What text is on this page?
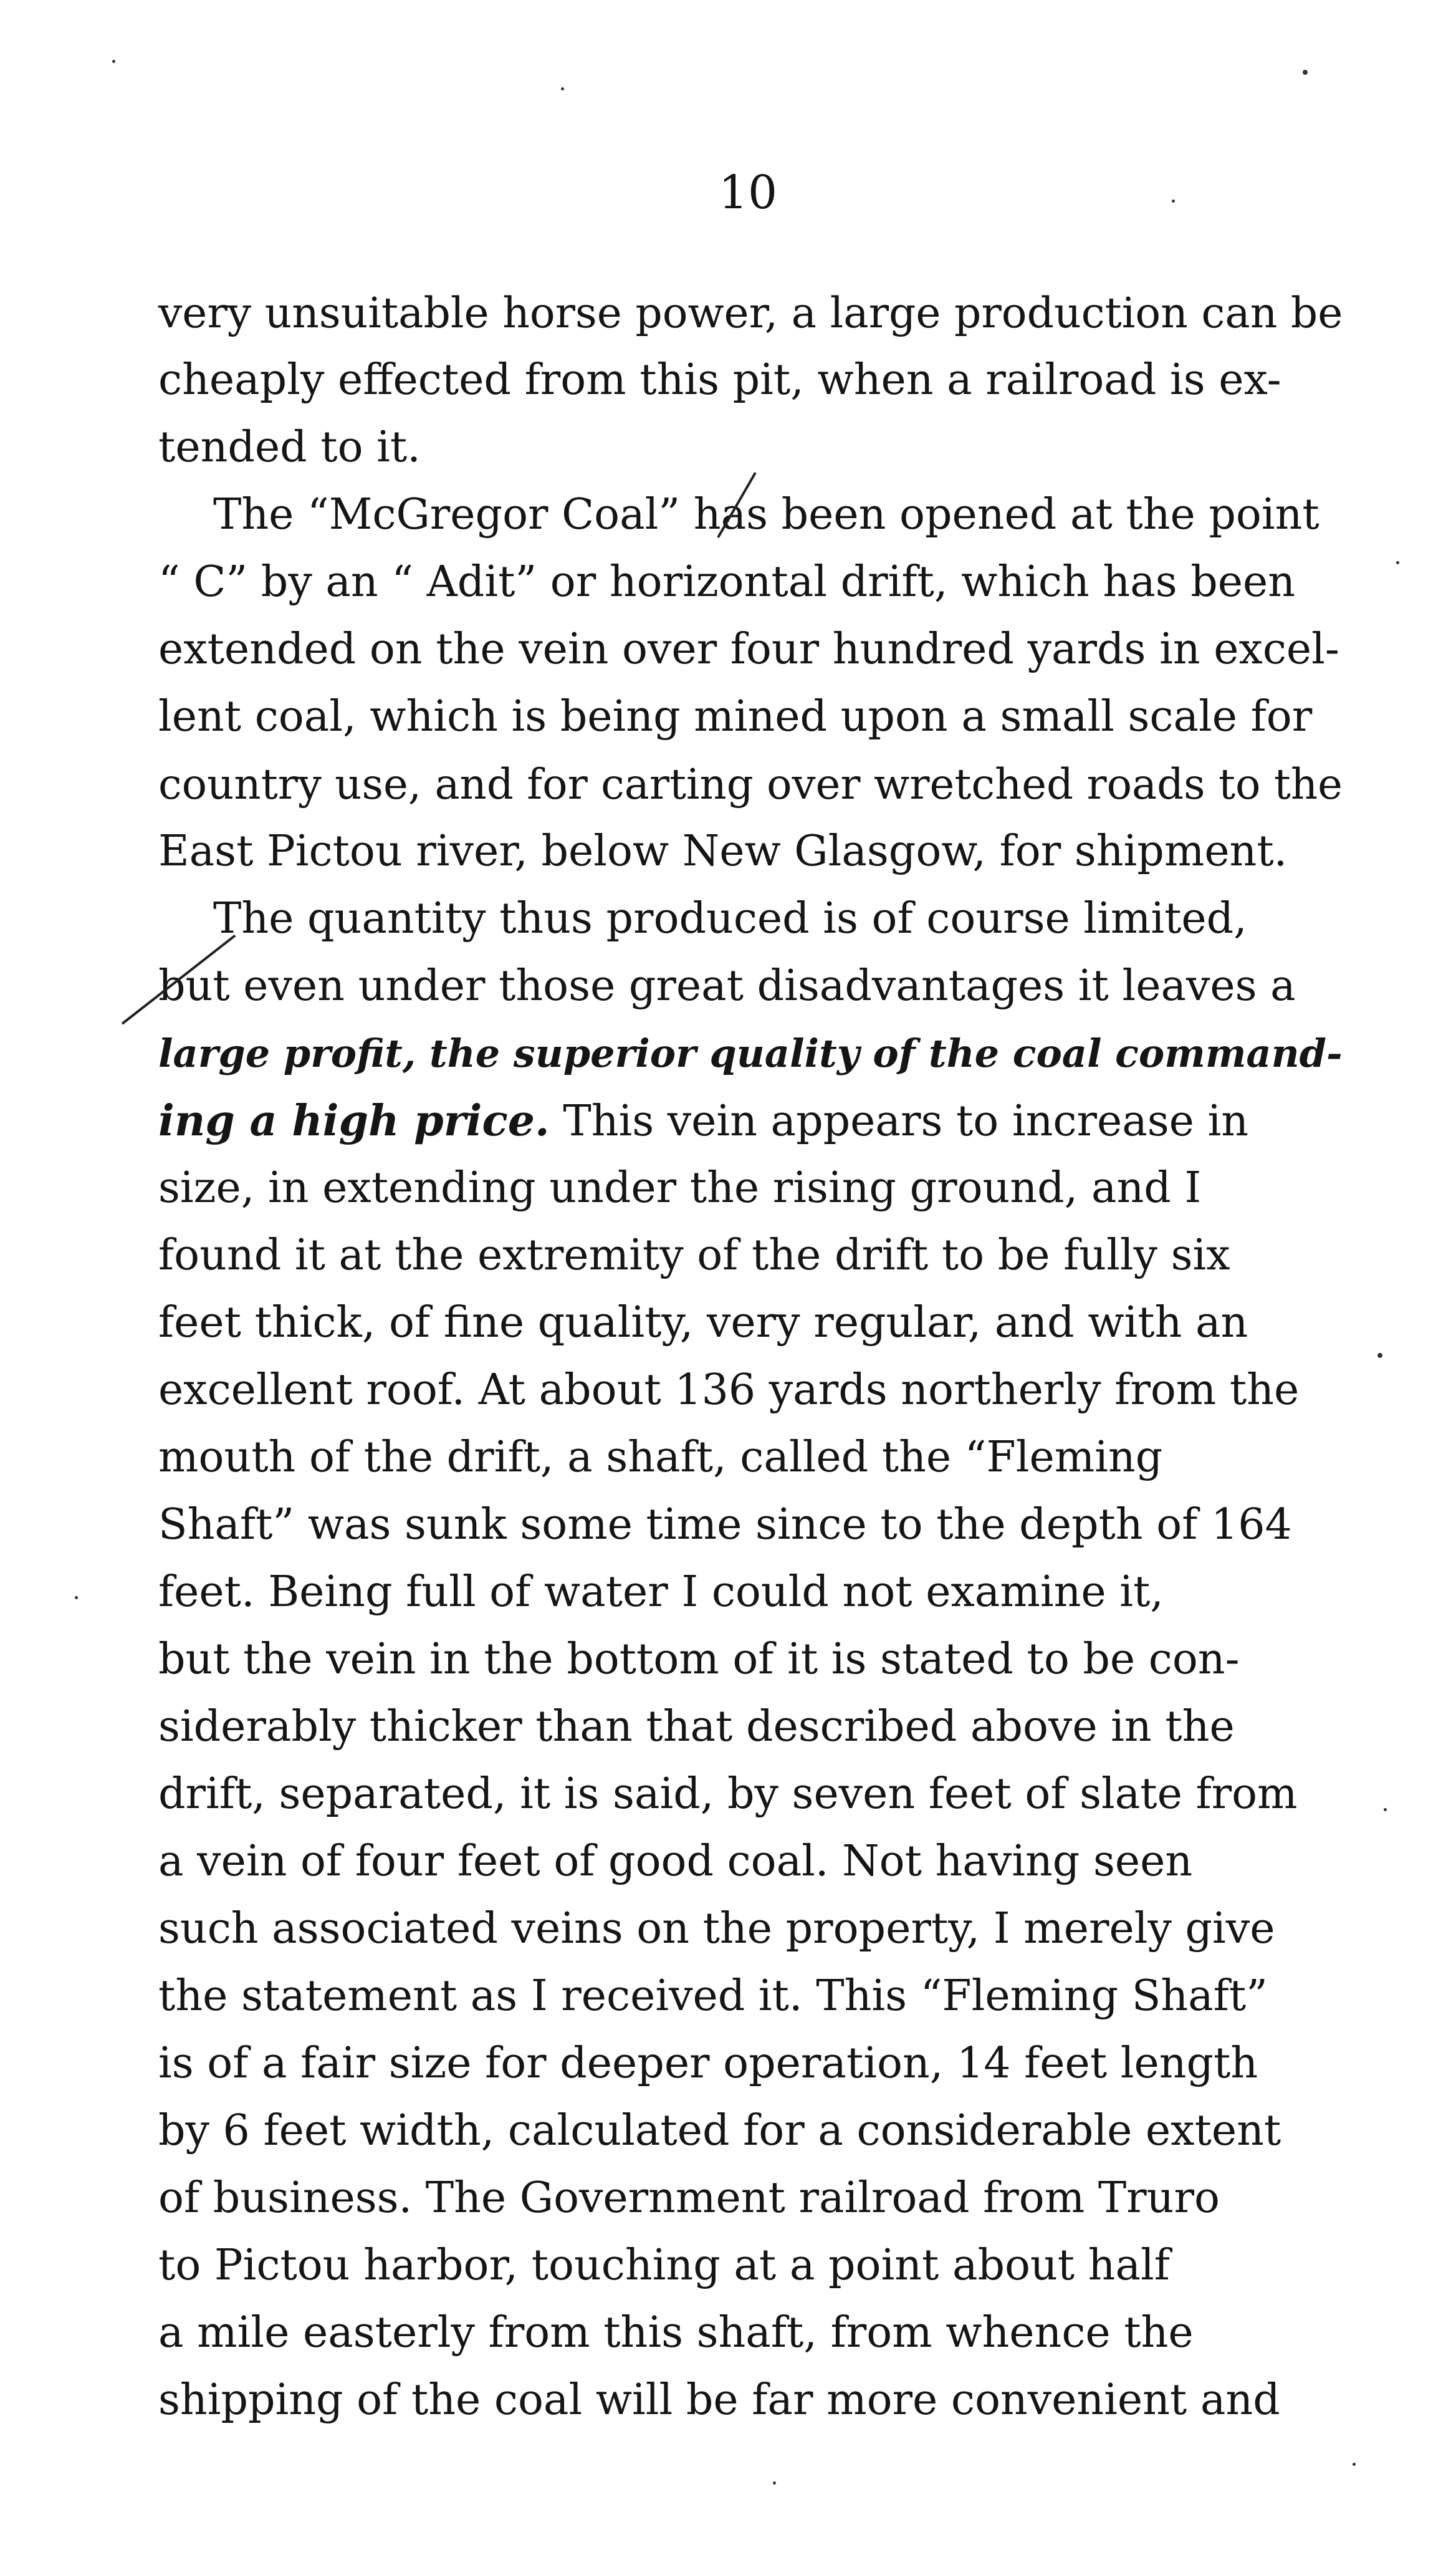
10
very unsuitable horse power, a large production can be
cheaply effected from this pit, when a railroad is ex-
tended to it.
The “McGregor Coal” has been opened at the point
“ C” by an “ Adit” or horizontal drift, which has been
extended on the vein over four hundred yards in excel-
lent coal, which is being mined upon a small scale for
country use, and for carting over wretched roads to the
East Pictou river, below New Glasgow, for shipment.
The quantity thus produced is of course limited,
but even under those great disadvantages it leaves a
large profit, the superior quality of the coal command-
ing a high price. This vein appears to increase in
size, in extending under the rising ground, and I
found it at the extremity of the drift to be fully six
feet thick, of fine quality, very regular, and with an
excellent roof. At about 136 yards northerly from the
mouth of the drift, a shaft, called the “Fleming
Shaft” was sunk some time since to the depth of 164
feet. Being full of water I could not examine it,
but the vein in the bottom of it is stated to be con-
siderably thicker than that described above in the
drift, separated, it is said, by seven feet of slate from
a vein of four feet of good coal. Not having seen
such associated veins on the property, I merely give
the statement as I received it. This “Fleming Shaft”
is of a fair size for deeper operation, 14 feet length
by 6 feet width, calculated for a considerable extent
of business. The Government railroad from Truro
to Pictou harbor, touching at a point about half
a mile easterly from this shaft, from whence the
shipping of the coal will be far more convenient and
